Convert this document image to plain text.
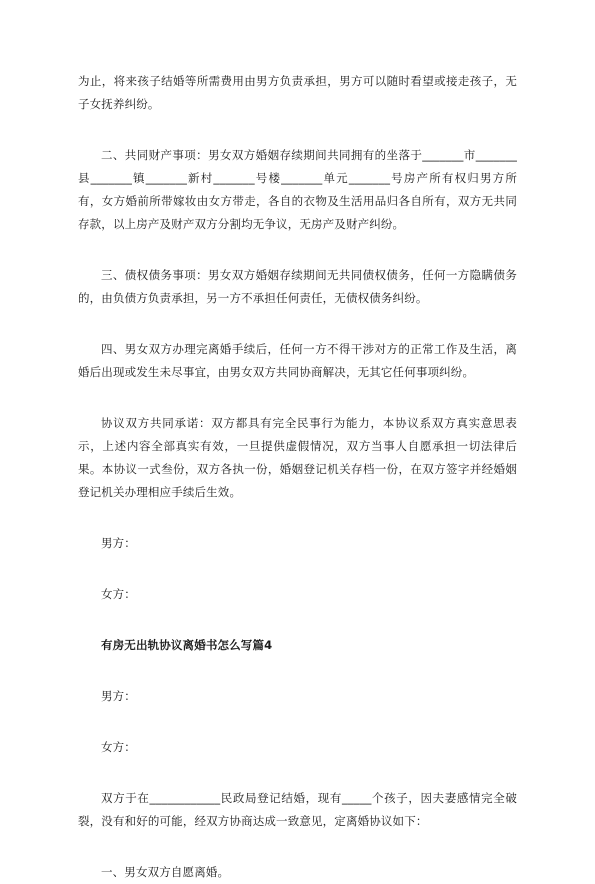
为止，将来孩子结婚等所需费用由男方负责承担，男方可以随时看望或接走孩子，无子女抚养纠纷。

二、共同财产事项：男女双方婚姻存续期间共同拥有的坐落于_______市_______县_______镇_______新村_______号楼_______单元_______号房产所有权归男方所有，女方婚前所带嫁妆由女方带走，各自的衣物及生活用品归各自所有，双方无共同存款，以上房产及财产双方分割均无争议，无房产及财产纠纷。

三、债权债务事项：男女双方婚姻存续期间无共同债权债务，任何一方隐瞒债务的，由负债方负责承担，另一方不承担任何责任，无债权债务纠纷。

四、男女双方办理完离婚手续后，任何一方不得干涉对方的正常工作及生活，离婚后出现或发生未尽事宜，由男女双方共同协商解决，无其它任何事项纠纷。

协议双方共同承诺：双方都具有完全民事行为能力，本协议系双方真实意思表示，上述内容全部真实有效，一旦提供虚假情况，双方当事人自愿承担一切法律后果。本协议一式叁份，双方各执一份，婚姻登记机关存档一份，在双方签字并经婚姻登记机关办理相应手续后生效。

男方：

女方：

有房无出轨协议离婚书怎么写篇4

男方：

女方：

双方于在____________民政局登记结婚，现有_____个孩子，因夫妻感情完全破裂，没有和好的可能，经双方协商达成一致意见，定离婚协议如下：

一、男女双方自愿离婚。
